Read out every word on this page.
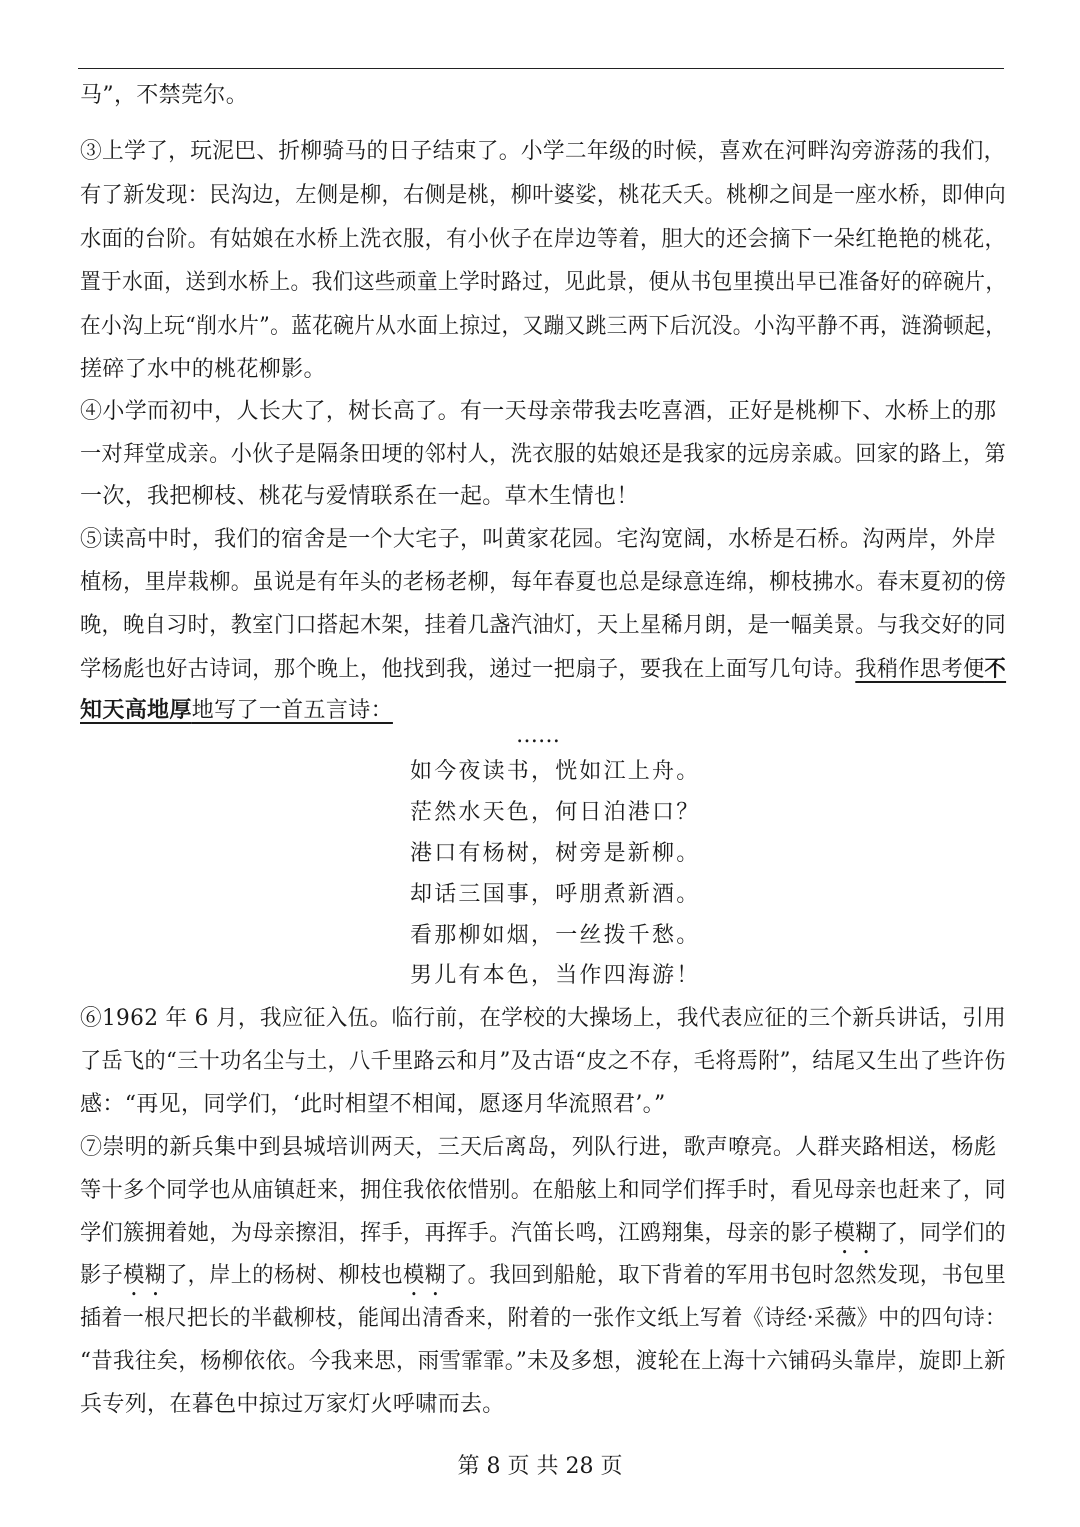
马”，不禁莞尔。
③上学了，玩泥巴、折柳骑马的日子结束了。小学二年级的时候，喜欢在河畔沟旁游荡的我们，
有了新发现：民沟边，左侧是柳，右侧是桃，柳叶婆娑，桃花夭夭。桃柳之间是一座水桥，即伸向
水面的台阶。有姑娘在水桥上洗衣服，有小伙子在岸边等着，胆大的还会摘下一朵红艳艳的桃花，
置于水面，送到水桥上。我们这些顽童上学时路过，见此景，便从书包里摸出早已准备好的碎碗片，
在小沟上玩“削水片”。蓝花碗片从水面上掠过，又蹦又跳三两下后沉没。小沟平静不再，涟漪顿起，
搓碎了水中的桃花柳影。
④小学而初中，人长大了，树长高了。有一天母亲带我去吃喜酒，正好是桃柳下、水桥上的那
一对拜堂成亲。小伙子是隔条田埂的邻村人，洗衣服的姑娘还是我家的远房亲戚。回家的路上，第
一次，我把柳枝、桃花与爱情联系在一起。草木生情也！
⑤读高中时，我们的宿舍是一个大宅子，叫黄家花园。宅沟宽阔，水桥是石桥。沟两岸，外岸
植杨，里岸栽柳。虽说是有年头的老杨老柳，每年春夏也总是绿意连绵，柳枝拂水。春末夏初的傍
晚，晚自习时，教室门口搭起木架，挂着几盏汽油灯，天上星稀月朗，是一幅美景。与我交好的同
学杨彪也好古诗词，那个晚上，他找到我，递过一把扇子，要我在上面写几句诗。我稍作思考便不
知天高地厚地写了一首五言诗：
……
如今夜读书，恍如江上舟。
茫然水天色，何日泊港口？
港口有杨树，树旁是新柳。
却话三国事，呼朋煮新酒。
看那柳如烟，一丝拨千愁。
男儿有本色，当作四海游！
⑥1962 年 6 月，我应征入伍。临行前，在学校的大操场上，我代表应征的三个新兵讲话，引用
了岳飞的“三十功名尘与土，八千里路云和月”及古语“皮之不存，毛将焉附”，结尾又生出了些许伤
感：“再见，同学们，‘此时相望不相闻，愿逐月华流照君’。”
⑦崇明的新兵集中到县城培训两天，三天后离岛，列队行进，歌声嘹亮。人群夹路相送，杨彪
等十多个同学也从庙镇赶来，拥住我依依惜别。在船舷上和同学们挥手时，看见母亲也赶来了，同
学们簇拥着她，为母亲擦泪，挥手，再挥手。汽笛长鸣，江鸥翔集，母亲的影子模糊了，同学们的
影子模糊了，岸上的杨树、柳枝也模糊了。我回到船舱，取下背着的军用书包时忽然发现，书包里
插着一根尺把长的半截柳枝，能闻出清香来，附着的一张作文纸上写着《诗经·采薇》中的四句诗：
“昔我往矣，杨柳依依。今我来思，雨雪霏霏。”未及多想，渡轮在上海十六铺码头靠岸，旋即上新
兵专列，在暮色中掠过万家灯火呼啸而去。
第 8 页 共 28 页
